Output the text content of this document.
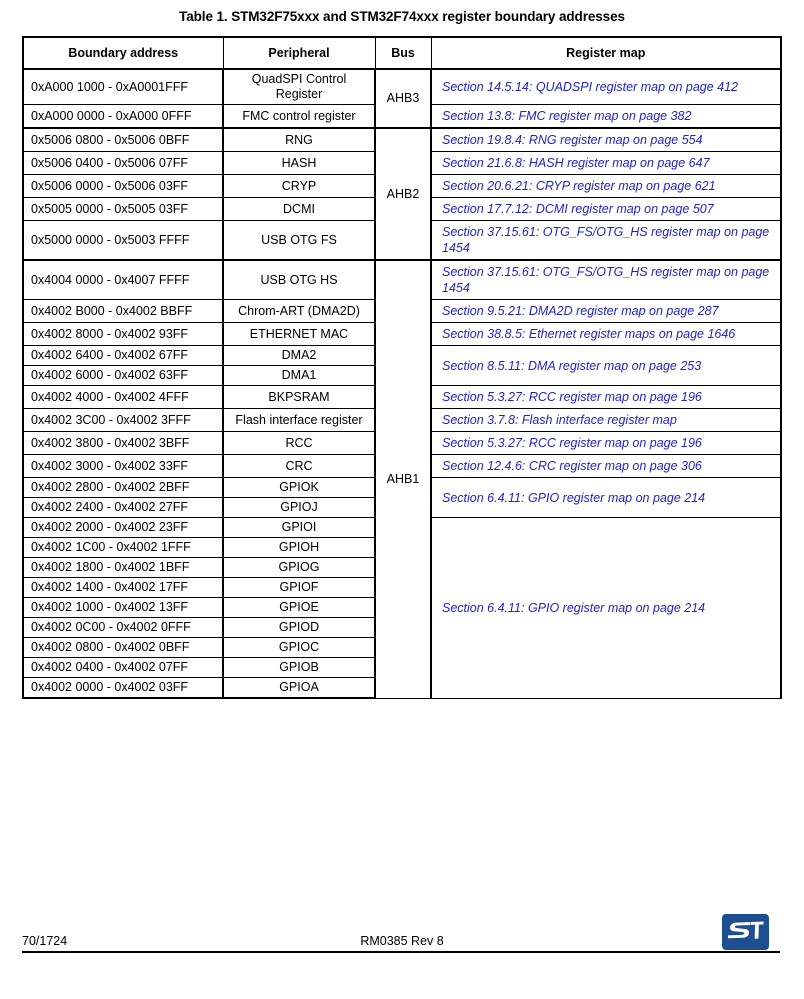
Table 1. STM32F75xxx and STM32F74xxx register boundary addresses
Boundary address	Peripheral	Bus	Register map
0xA000 1000 - 0xA0001FFF	QuadSPI Control Register	AHB3	Section 14.5.14: QUADSPI register map on page 412
0xA000 0000 - 0xA000 0FFF	FMC control register		Section 13.8: FMC register map on page 382
0x5006 0800 - 0x5006 0BFF	RNG	AHB2	Section 19.8.4: RNG register map on page 554
0x5006 0400 - 0x5006 07FF	HASH		Section 21.6.8: HASH register map on page 647
0x5006 0000 - 0x5006 03FF	CRYP		Section 20.6.21: CRYP register map on page 621
0x5005 0000 - 0x5005 03FF	DCMI		Section 17.7.12: DCMI register map on page 507
0x5000 0000 - 0x5003 FFFF	USB OTG FS		Section 37.15.61: OTG_FS/OTG_HS register map on page 1454
0x4004 0000 - 0x4007 FFFF	USB OTG HS	AHB1	Section 37.15.61: OTG_FS/OTG_HS register map on page 1454
0x4002 B000 - 0x4002 BBFF	Chrom-ART (DMA2D)		Section 9.5.21: DMA2D register map on page 287
0x4002 8000 - 0x4002 93FF	ETHERNET MAC		Section 38.8.5: Ethernet register maps on page 1646
0x4002 6400 - 0x4002 67FF	DMA2		Section 8.5.11: DMA register map on page 253
0x4002 6000 - 0x4002 63FF	DMA1		
0x4002 4000 - 0x4002 4FFF	BKPSRAM		Section 5.3.27: RCC register map on page 196
0x4002 3C00 - 0x4002 3FFF	Flash interface register		Section 3.7.8: Flash interface register map
0x4002 3800 - 0x4002 3BFF	RCC		Section 5.3.27: RCC register map on page 196
0x4002 3000 - 0x4002 33FF	CRC		Section 12.4.6: CRC register map on page 306
0x4002 2800 - 0x4002 2BFF	GPIOK		Section 6.4.11: GPIO register map on page 214
0x4002 2400 - 0x4002 27FF	GPIOJ		
0x4002 2000 - 0x4002 23FF	GPIOI		Section 6.4.11: GPIO register map on page 214
0x4002 1C00 - 0x4002 1FFF	GPIOH		
0x4002 1800 - 0x4002 1BFF	GPIOG		
0x4002 1400 - 0x4002 17FF	GPIOF		
0x4002 1000 - 0x4002 13FF	GPIOE		
0x4002 0C00 - 0x4002 0FFF	GPIOD		
0x4002 0800 - 0x4002 0BFF	GPIOC		
0x4002 0400 - 0x4002 07FF	GPIOB		
0x4002 0000 - 0x4002 03FF	GPIOA		
70/1724	RM0385 Rev 8
